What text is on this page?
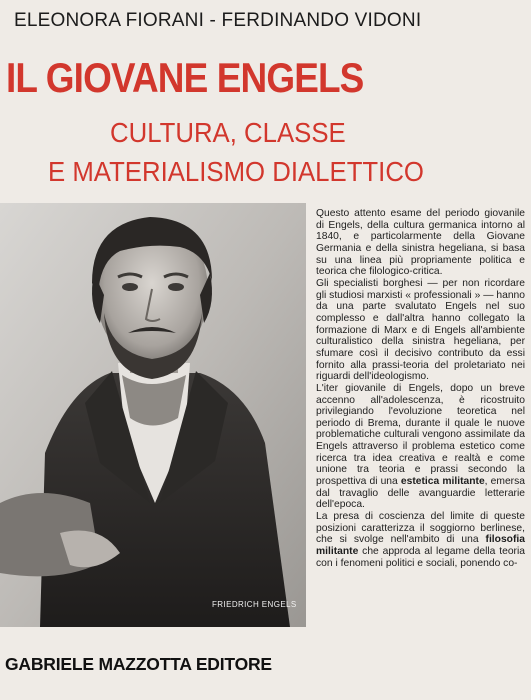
ELEONORA FIORANI - FERDINANDO VIDONI
IL GIOVANE ENGELS
CULTURA, CLASSE
E MATERIALISMO DIALETTICO
FRIEDRICH ENGELS
Questo attento esame del periodo giovanile di Engels, della cultura germanica intorno al 1840, e particolarmente della Giovane Germania e della sinistra hegeliana, si basa su una linea più propriamente politica e teorica che filologico-critica.
Gli specialisti borghesi — per non ricordare gli studiosi marxisti « professionali » — hanno da una parte svalutato Engels nel suo complesso e dall'altra hanno collegato la formazione di Marx e di Engels all'ambiente culturalistico della sinistra hegeliana, per sfumare così il decisivo contributo da essi fornito alla prassi-teoria del proletariato nei riguardi dell'ideologismo.
L'iter giovanile di Engels, dopo un breve accenno all'adolescenza, è ricostruito privilegiando l'evoluzione teoretica nel periodo di Brema, durante il quale le nuove problematiche culturali vengono assimilate da Engels attraverso il problema estetico come ricerca tra idea creativa e realtà e come unione tra teoria e prassi secondo la prospettiva di una estetica militante, emersa dal travaglio delle avanguardie letterarie dell'epoca.
La presa di coscienza del limite di queste posizioni caratterizza il soggiorno berlinese, che si svolge nell'ambito di una filosofia militante che approda al legame della teoria con i fenomeni politici e sociali, ponendo co-
GABRIELE MAZZOTTA EDITORE
